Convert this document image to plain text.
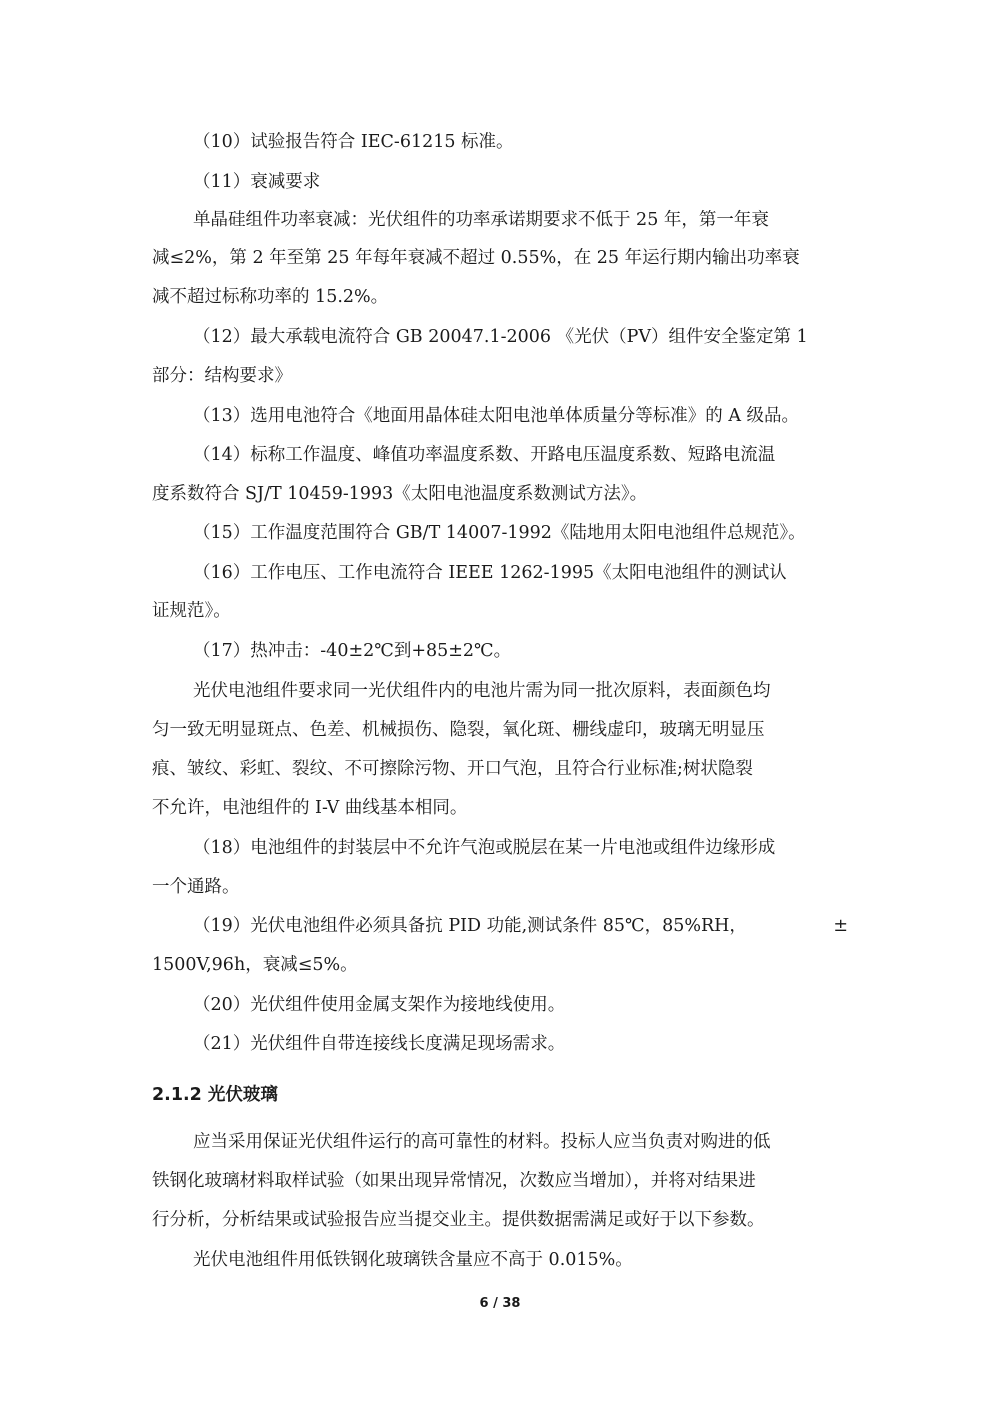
（10）试验报告符合 IEC-61215 标准。
（11）衰减要求
单晶硅组件功率衰减：光伏组件的功率承诺期要求不低于 25 年，第一年衰
减≤2%，第 2 年至第 25 年每年衰减不超过 0.55%，在 25 年运行期内输出功率衰
减不超过标称功率的 15.2%。
（12）最大承载电流符合 GB 20047.1-2006 《光伏（PV）组件安全鉴定第 1
部分：结构要求》
（13）选用电池符合《地面用晶体硅太阳电池单体质量分等标准》的 A 级品。
（14）标称工作温度、峰值功率温度系数、开路电压温度系数、短路电流温
度系数符合 SJ/T 10459-1993《太阳电池温度系数测试方法》。
（15）工作温度范围符合 GB/T 14007-1992《陆地用太阳电池组件总规范》。
（16）工作电压、工作电流符合 IEEE 1262-1995《太阳电池组件的测试认
证规范》。
（17）热冲击：-40±2℃到+85±2℃。
光伏电池组件要求同一光伏组件内的电池片需为同一批次原料，表面颜色均
匀一致无明显斑点、色差、机械损伤、隐裂，氧化斑、栅线虚印，玻璃无明显压
痕、皱纹、彩虹、裂纹、不可擦除污物、开口气泡，且符合行业标准;树状隐裂
不允许，电池组件的 I-V 曲线基本相同。
（18）电池组件的封装层中不允许气泡或脱层在某一片电池或组件边缘形成
一个通路。
（19）光伏电池组件必须具备抗 PID 功能,测试条件 85℃，85%RH，	±
1500V,96h，衰减≤5%。
（20）光伏组件使用金属支架作为接地线使用。
（21）光伏组件自带连接线长度满足现场需求。
2.1.2 光伏玻璃
应当采用保证光伏组件运行的高可靠性的材料。投标人应当负责对购进的低
铁钢化玻璃材料取样试验（如果出现异常情况，次数应当增加），并将对结果进
行分析，分析结果或试验报告应当提交业主。提供数据需满足或好于以下参数。
光伏电池组件用低铁钢化玻璃铁含量应不高于 0.015%。
6 / 38
